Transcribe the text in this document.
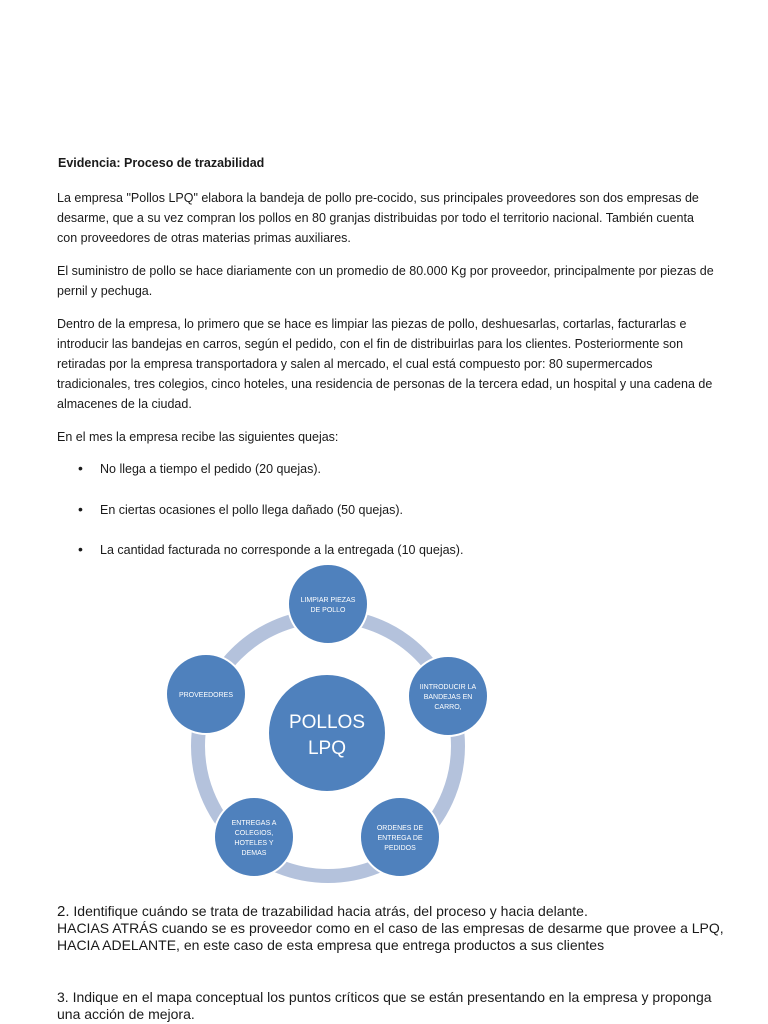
Evidencia: Proceso de trazabilidad

La empresa "Pollos LPQ" elabora la bandeja de pollo pre-cocido, sus principales proveedores son dos empresas de desarme, que a su vez compran los pollos en 80 granjas distribuidas por todo el territorio nacional. También cuenta con proveedores de otras materias primas auxiliares.

El suministro de pollo se hace diariamente con un promedio de 80.000 Kg por proveedor, principalmente por piezas de pernil y pechuga.

Dentro de la empresa, lo primero que se hace es limpiar las piezas de pollo, deshuesarlas, cortarlas, facturarlas e introducir las bandejas en carros, según el pedido, con el fin de distribuirlas para los clientes. Posteriormente son retiradas por la empresa transportadora y salen al mercado, el cual está compuesto por: 80 supermercados tradicionales, tres colegios, cinco hoteles, una residencia de personas de la tercera edad, un hospital y una cadena de almacenes de la ciudad.

En el mes la empresa recibe las siguientes quejas:

• No llega a tiempo el pedido (20 quejas).
• En ciertas ocasiones el pollo llega dañado (50 quejas).
• La cantidad facturada no corresponde a la entregada (10 quejas).
LIMPIAR PIEZAS
DE POLLO
IINTRODUCIR LA
BANDEJAS EN
CARRO,
ORDENES DE
ENTREGA DE
PEDIDOS
ENTREGAS A
COLEGIOS,
HOTELES Y
DEMAS
PROVEEDORES
POLLOS
LPQ

2. Identifique cuándo se trata de trazabilidad hacia atrás, del proceso y hacia delante.

HACIAS ATRÁS cuando se es proveedor como en el caso de las empresas de desarme que provee a LPQ, HACIA ADELANTE, en este caso de esta empresa que entrega productos a sus clientes

3. Indique en el mapa conceptual los puntos críticos que se están presentando en la empresa y proponga una acción de mejora.
